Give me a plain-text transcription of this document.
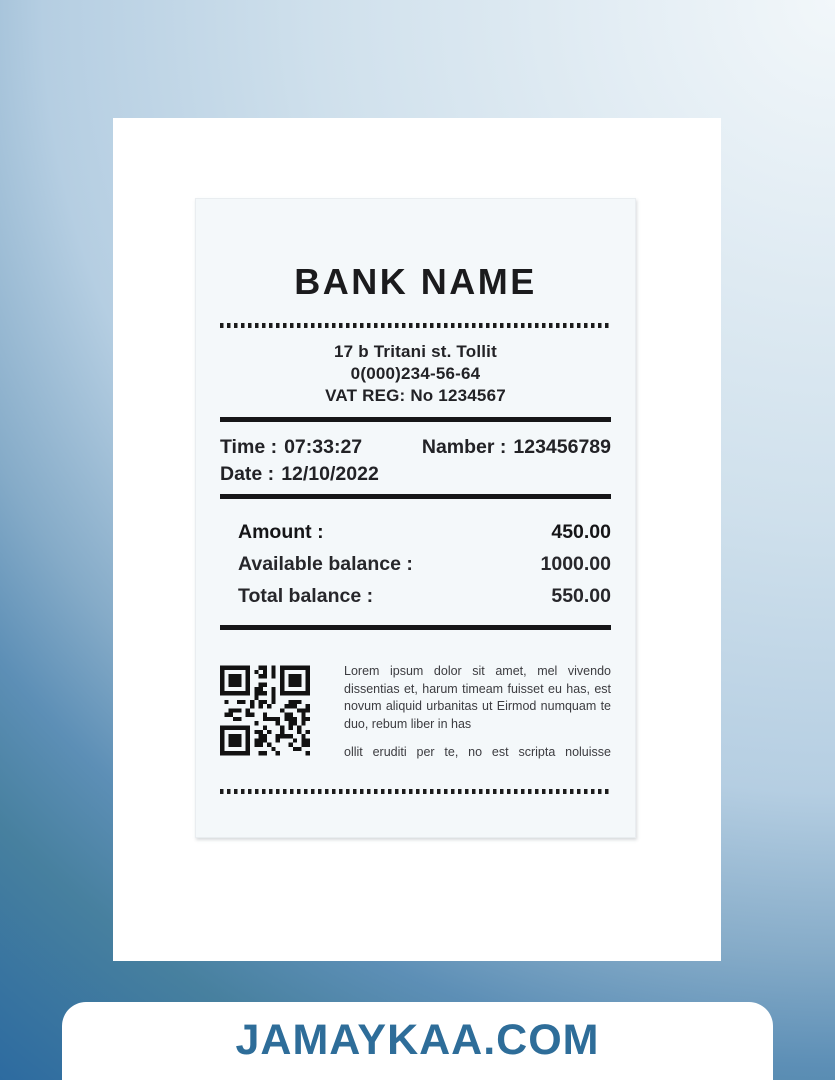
BANK NAME
17 b Tritani st. Tollit
0(000)234-56-64
VAT REG: No 1234567
Time : 07:33:27	Namber : 123456789
Date : 12/10/2022
Amount :	450.00
Available balance :	1000.00
Total balance :	550.00

Lorem ipsum dolor sit amet, mel vivendo dissentias et, harum timeam fuisset eu has, est novum aliquid urbanitas ut Eirmod numquam te duo, rebum liber in has

ollit eruditi per te, no est scripta noluisse

JAMAYKAA.COM
